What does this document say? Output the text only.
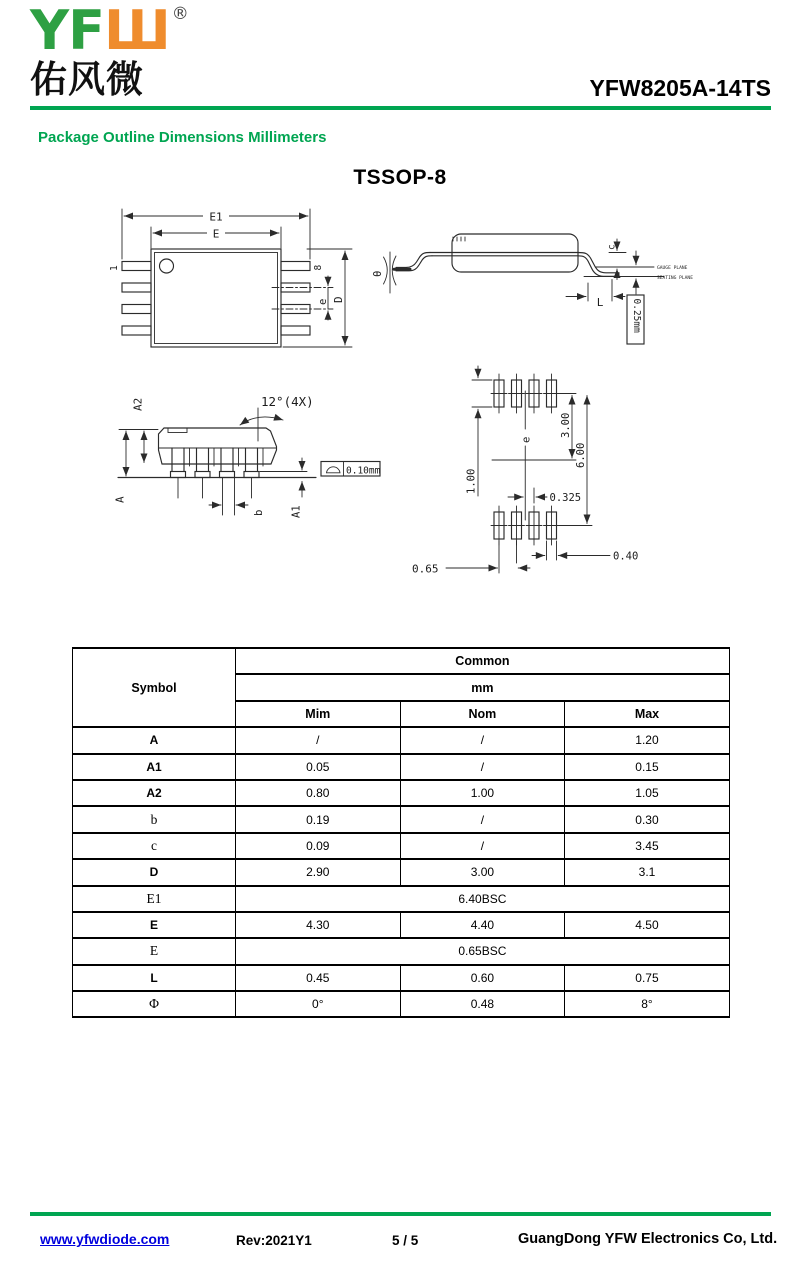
YFШ ®
佑风微	YFW8205A-14TS
Package Outline Dimensions Millimeters
TSSOP-8
E1
E
1	8
D
e
θ
GAUGE PLANE
SEATING PLANE
c
0.25mm
L
b
A
A2
A1
12°(4X)
0.10mm
e
1.00
3.00
6.00
0.325
0.65
0.40
Symbol	Common		
	mm		
	Mim	Nom	Max
A	/	/	1.20
A1	0.05	/	0.15
A2	0.80	1.00	1.05
b	0.19	/	0.30
c	0.09	/	3.45
D	2.90	3.00	3.1
E1	6.40BSC		
E	4.30	4.40	4.50
E	0.65BSC		
L	0.45	0.60	0.75
Φ	0°	0.48	8°
www.yfwdiode.com	Rev:2021Y1	5 / 5	GuangDong YFW Electronics Co, Ltd.
